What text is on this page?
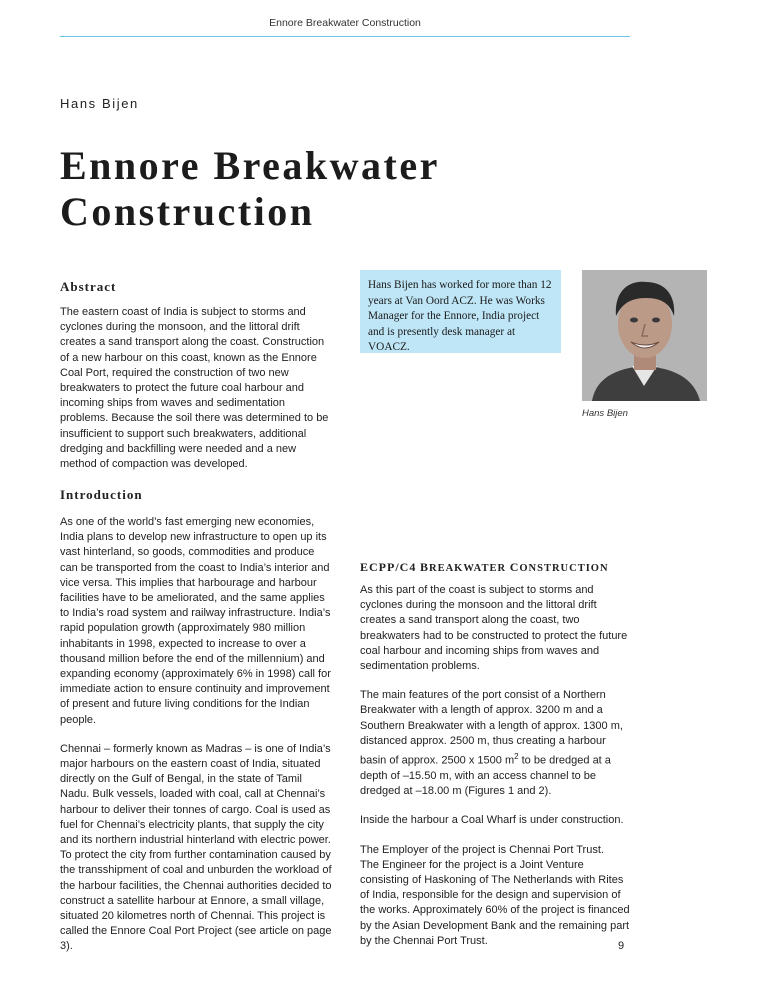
Ennore Breakwater Construction
Hans Bijen
Ennore Breakwater
Construction
Abstract

The eastern coast of India is subject to storms and cyclones during the monsoon, and the littoral drift creates a sand transport along the coast. Construction of a new harbour on this coast, known as the Ennore Coal Port, required the construction of two new breakwaters to protect the future coal harbour and incoming ships from waves and sedimentation problems. Because the soil there was determined to be insufficient to support such breakwaters, additional dredging and backfilling were needed and a new method of compaction was developed.

Hans Bijen has worked for more than 12 years at Van Oord ACZ. He was Works Manager for the Ennore, India project and is presently desk manager at VOACZ.
Hans Bijen
Introduction

As one of the world’s fast emerging new economies, India plans to develop new infrastructure to open up its vast hinterland, so goods, commodities and produce can be transported from the coast to India’s interior and vice versa. This implies that harbourage and harbour facilities have to be ameliorated, and the same applies to India’s road system and railway infrastructure. India’s rapid population growth (approximately 980 million inhabitants in 1998, expected to increase to over a thousand million before the end of the millennium) and expanding economy (approximately 6% in 1998) call for immediate action to ensure continuity and improvement of present and future living conditions for the Indian people.

Chennai – formerly known as Madras – is one of India’s major harbours on the eastern coast of India, situated directly on the Gulf of Bengal, in the state of Tamil Nadu. Bulk vessels, loaded with coal, call at Chennai’s harbour to deliver their tonnes of cargo. Coal is used as fuel for Chennai’s electricity plants, that supply the city and its northern industrial hinterland with electric power. To protect the city from further contamination caused by the transshipment of coal and unburden the workload of the harbour facilities, the Chennai authorities decided to construct a satellite harbour at Ennore, a small village, situated 20 kilometres north of Chennai. This project is called the Ennore Coal Port Project (see article on page 3).

ECPP/C4 BREAKWATER CONSTRUCTION

As this part of the coast is subject to storms and cyclones during the monsoon and the littoral drift creates a sand transport along the coast, two breakwaters had to be constructed to protect the future coal harbour and incoming ships from waves and sedimentation problems.

The main features of the port consist of a Northern Breakwater with a length of approx. 3200 m and a Southern Breakwater with a length of approx. 1300 m, distanced approx. 2500 m, thus creating a harbour basin of approx. 2500 x 1500 $m^2$ to be dredged at a depth of –15.50 m, with an access channel to be dredged at –18.00 m (Figures 1 and 2).

Inside the harbour a Coal Wharf is under construction.

The Employer of the project is Chennai Port Trust.
The Engineer for the project is a Joint Venture consisting of Haskoning of The Netherlands with Rites of India, responsible for the design and supervision of the works. Approximately 60% of the project is financed by the Asian Development Bank and the remaining part by the Chennai Port Trust.	9
